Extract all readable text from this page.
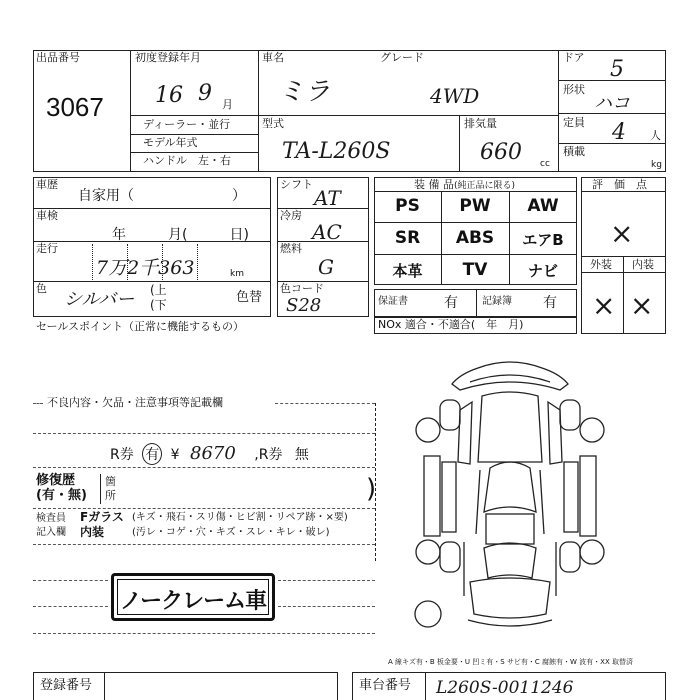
出品番号
3067
初度登録年月
16 9 月
車名
ミラ
グレード
4WD
ドア 5
形状
ハコ
ディーラー・並行
モデル年式
ハンドル　左・右
型式
TA-L260S
排気量
660 cc
定員 4 人
積載
kg
車歴
自家用（　　　　　　　）
車検
年　　　月(　　　日)
走行
7万2千363	km
色
シルバー (上
(下	色替
シフト
AT
冷房
AC
燃料
G
色コード
S28
装 備 品(純正品に限る)
PS	PW	AW
SR	ABS	エアB
本革	TV	ナビ
保証書	有 記録簿 有
NOx 適合・不適合(　年　月)
評　価　点
×
外装 内装
× ×
セールスポイント（正常に機能するもの）
不良内容・欠品・注意事項等記載欄
R券 有 ¥ 8670 ,R券 無
修復歴
(有・無)
箇
所	)
検査員
記入欄
Fガラス (キズ・飛石・スリ傷・ヒビ割・リペア跡・×要)
内装	(汚レ・コゲ・穴・キズ・スレ・キレ・破レ)
ノークレーム車
A 線キズ有・B 板金要・U 凹ミ有・S サビ有・C 腐蝕有・W 波有・XX 取替済
登録番号	車台番号 L260S-0011246
